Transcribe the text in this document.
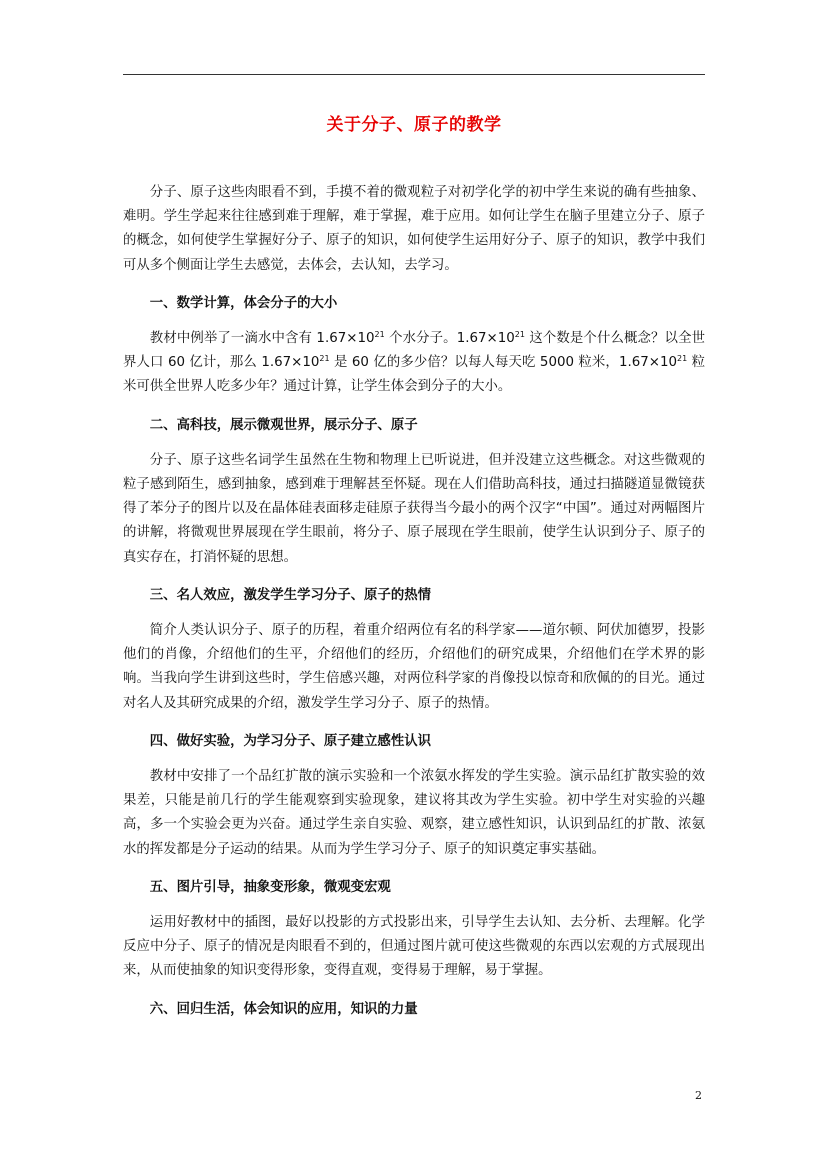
关于分子、原子的教学

分子、原子这些肉眼看不到，手摸不着的微观粒子对初学化学的初中学生来说的确有些抽象、难明。学生学起来往往感到难于理解，难于掌握，难于应用。如何让学生在脑子里建立分子、原子的概念，如何使学生掌握好分子、原子的知识，如何使学生运用好分子、原子的知识，教学中我们可从多个侧面让学生去感觉，去体会，去认知，去学习。

一、数学计算，体会分子的大小

教材中例举了一滴水中含有 $1.67\times 10^{21}$ 个水分子。$1.67\times 10^{21}$ 这个数是个什么概念？以全世界人口 60 亿计，那么 $1.67\times 10^{21}$ 是 60 亿的多少倍？以每人每天吃 5000 粒米，$1.67\times 10^{21}$ 粒米可供全世界人吃多少年？通过计算，让学生体会到分子的大小。

二、高科技，展示微观世界，展示分子、原子

分子、原子这些名词学生虽然在生物和物理上已听说进，但并没建立这些概念。对这些微观的粒子感到陌生，感到抽象，感到难于理解甚至怀疑。现在人们借助高科技，通过扫描隧道显微镜获得了苯分子的图片以及在晶体硅表面移走硅原子获得当今最小的两个汉字“中国”。通过对两幅图片的讲解，将微观世界展现在学生眼前，将分子、原子展现在学生眼前，使学生认识到分子、原子的真实存在，打消怀疑的思想。

三、名人效应，激发学生学习分子、原子的热情

简介人类认识分子、原子的历程，着重介绍两位有名的科学家——道尔顿、阿伏加德罗，投影他们的肖像，介绍他们的生平，介绍他们的经历，介绍他们的研究成果，介绍他们在学术界的影响。当我向学生讲到这些时，学生倍感兴趣，对两位科学家的肖像投以惊奇和欣佩的的目光。通过对名人及其研究成果的介绍，激发学生学习分子、原子的热情。

四、做好实验，为学习分子、原子建立感性认识

教材中安排了一个品红扩散的演示实验和一个浓氨水挥发的学生实验。演示品红扩散实验的效果差，只能是前几行的学生能观察到实验现象，建议将其改为学生实验。初中学生对实验的兴趣高，多一个实验会更为兴奋。通过学生亲自实验、观察，建立感性知识，认识到品红的扩散、浓氨水的挥发都是分子运动的结果。从而为学生学习分子、原子的知识奠定事实基础。

五、图片引导，抽象变形象，微观变宏观

运用好教材中的插图，最好以投影的方式投影出来，引导学生去认知、去分析、去理解。化学反应中分子、原子的情况是肉眼看不到的，但通过图片就可使这些微观的东西以宏观的方式展现出来，从而使抽象的知识变得形象，变得直观，变得易于理解，易于掌握。

六、回归生活，体会知识的应用，知识的力量
2
